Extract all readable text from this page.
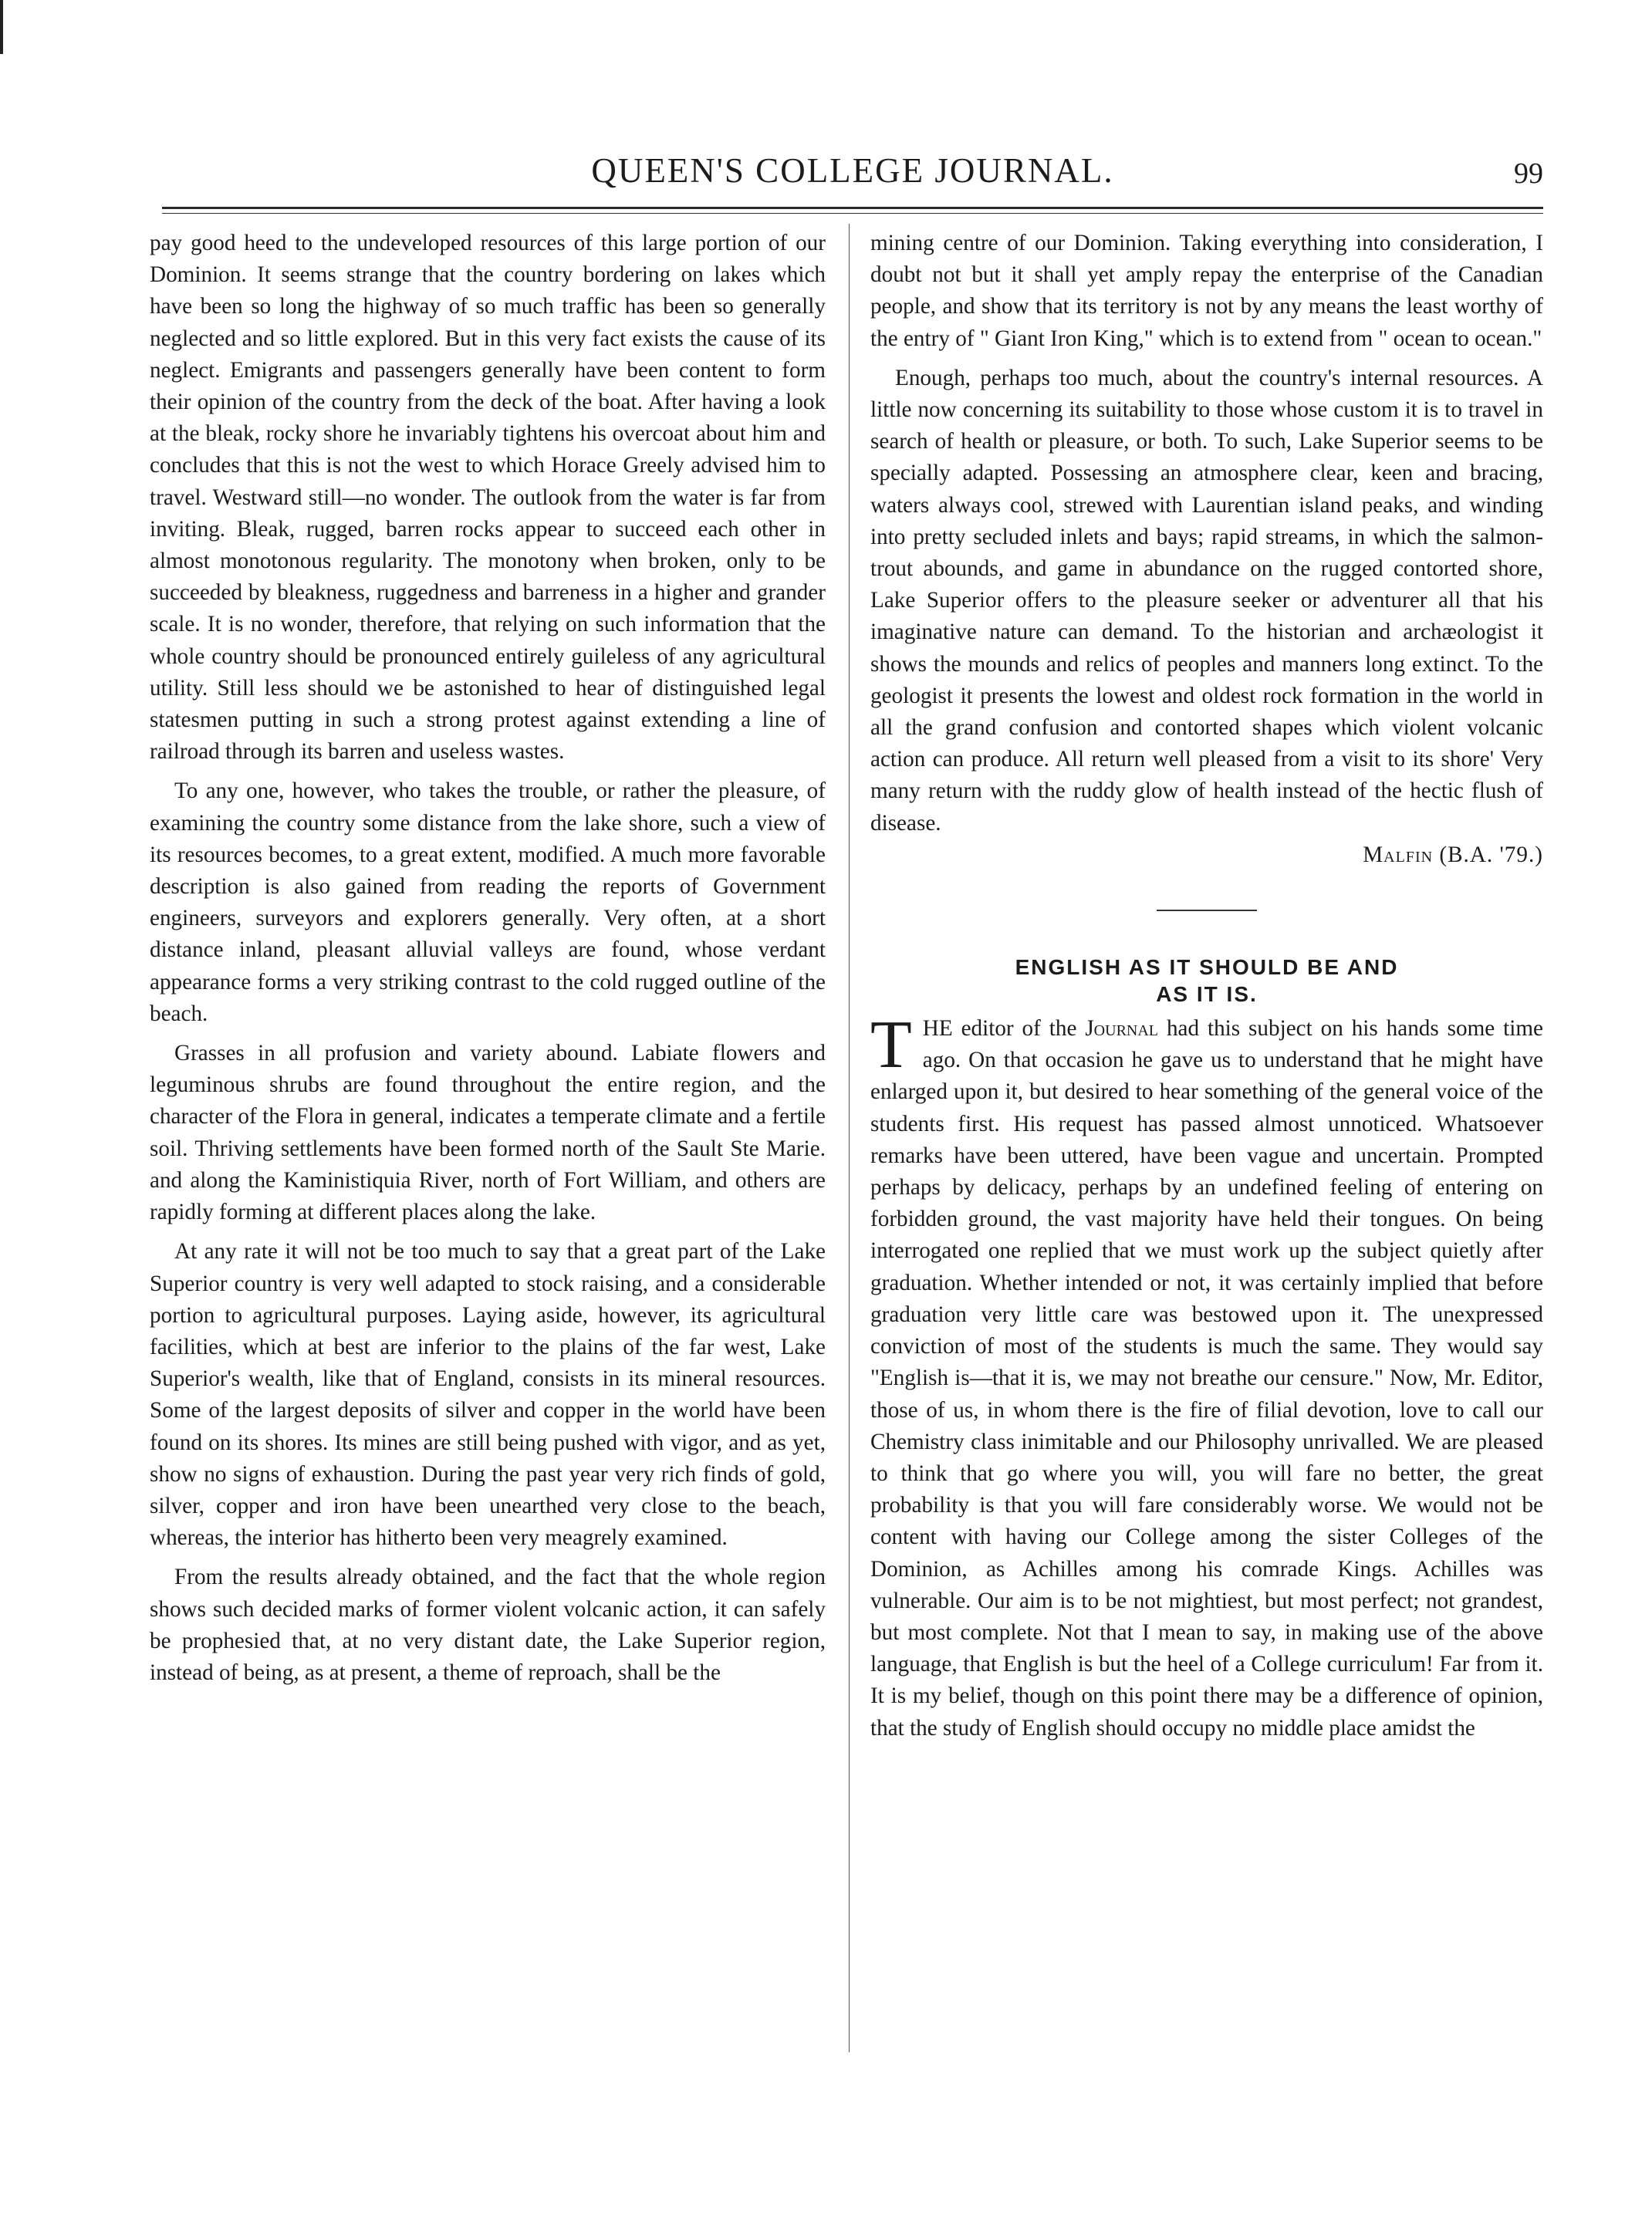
QUEEN'S COLLEGE JOURNAL.	99

pay good heed to the undeveloped resources of this large portion of our Dominion. It seems strange that the country bordering on lakes which have been so long the highway of so much traffic has been so generally neglected and so little explored. But in this very fact exists the cause of its neglect. Emigrants and passengers generally have been content to form their opinion of the country from the deck of the boat. After having a look at the bleak, rocky shore he invariably tightens his overcoat about him and concludes that this is not the west to which Horace Greely advised him to travel. Westward still—no wonder. The outlook from the water is far from inviting. Bleak, rugged, barren rocks appear to succeed each other in almost monotonous regularity. The monotony when broken, only to be succeeded by bleakness, ruggedness and barreness in a higher and grander scale. It is no wonder, therefore, that relying on such information that the whole country should be pronounced entirely guileless of any agricultural utility. Still less should we be astonished to hear of distinguished legal statesmen putting in such a strong protest against extending a line of railroad through its barren and useless wastes.

To any one, however, who takes the trouble, or rather the pleasure, of examining the country some distance from the lake shore, such a view of its resources becomes, to a great extent, modified. A much more favorable description is also gained from reading the reports of Government engineers, surveyors and explorers generally. Very often, at a short distance inland, pleasant alluvial valleys are found, whose verdant appearance forms a very striking contrast to the cold rugged outline of the beach.

Grasses in all profusion and variety abound. Labiate flowers and leguminous shrubs are found throughout the entire region, and the character of the Flora in general, indicates a temperate climate and a fertile soil. Thriving settlements have been formed north of the Sault Ste Marie. and along the Kaministiquia River, north of Fort William, and others are rapidly forming at different places along the lake.

At any rate it will not be too much to say that a great part of the Lake Superior country is very well adapted to stock raising, and a considerable portion to agricultural purposes. Laying aside, however, its agricultural facilities, which at best are inferior to the plains of the far west, Lake Superior's wealth, like that of England, consists in its mineral resources. Some of the largest deposits of silver and copper in the world have been found on its shores. Its mines are still being pushed with vigor, and as yet, show no signs of exhaustion. During the past year very rich finds of gold, silver, copper and iron have been unearthed very close to the beach, whereas, the interior has hitherto been very meagrely examined.

From the results already obtained, and the fact that the whole region shows such decided marks of former violent volcanic action, it can safely be prophesied that, at no very distant date, the Lake Superior region, instead of being, as at present, a theme of reproach, shall be the

mining centre of our Dominion. Taking everything into consideration, I doubt not but it shall yet amply repay the enterprise of the Canadian people, and show that its territory is not by any means the least worthy of the entry of " Giant Iron King," which is to extend from " ocean to ocean."

Enough, perhaps too much, about the country's internal resources. A little now concerning its suitability to those whose custom it is to travel in search of health or pleasure, or both. To such, Lake Superior seems to be specially adapted. Possessing an atmosphere clear, keen and bracing, waters always cool, strewed with Laurentian island peaks, and winding into pretty secluded inlets and bays; rapid streams, in which the salmon-trout abounds, and game in abundance on the rugged contorted shore, Lake Superior offers to the pleasure seeker or adventurer all that his imaginative nature can demand. To the historian and archæologist it shows the mounds and relics of peoples and manners long extinct. To the geologist it presents the lowest and oldest rock formation in the world in all the grand confusion and contorted shapes which violent volcanic action can produce. All return well pleased from a visit to its shore' Very many return with the ruddy glow of health instead of the hectic flush of disease.

Malfin (B.A. '79.)

ENGLISH AS IT SHOULD BE AND
AS IT IS.

THE editor of the Journal had this subject on his hands some time ago. On that occasion he gave us to understand that he might have enlarged upon it, but desired to hear something of the general voice of the students first. His request has passed almost unnoticed. Whatsoever remarks have been uttered, have been vague and uncertain. Prompted perhaps by delicacy, perhaps by an undefined feeling of entering on forbidden ground, the vast majority have held their tongues. On being interrogated one replied that we must work up the subject quietly after graduation. Whether intended or not, it was certainly implied that before graduation very little care was bestowed upon it. The unexpressed conviction of most of the students is much the same. They would say "English is—that it is, we may not breathe our censure." Now, Mr. Editor, those of us, in whom there is the fire of filial devotion, love to call our Chemistry class inimitable and our Philosophy unrivalled. We are pleased to think that go where you will, you will fare no better, the great probability is that you will fare considerably worse. We would not be content with having our College among the sister Colleges of the Dominion, as Achilles among his comrade Kings. Achilles was vulnerable. Our aim is to be not mightiest, but most perfect; not grandest, but most complete. Not that I mean to say, in making use of the above language, that English is but the heel of a College curriculum! Far from it. It is my belief, though on this point there may be a difference of opinion, that the study of English should occupy no middle place amidst the
